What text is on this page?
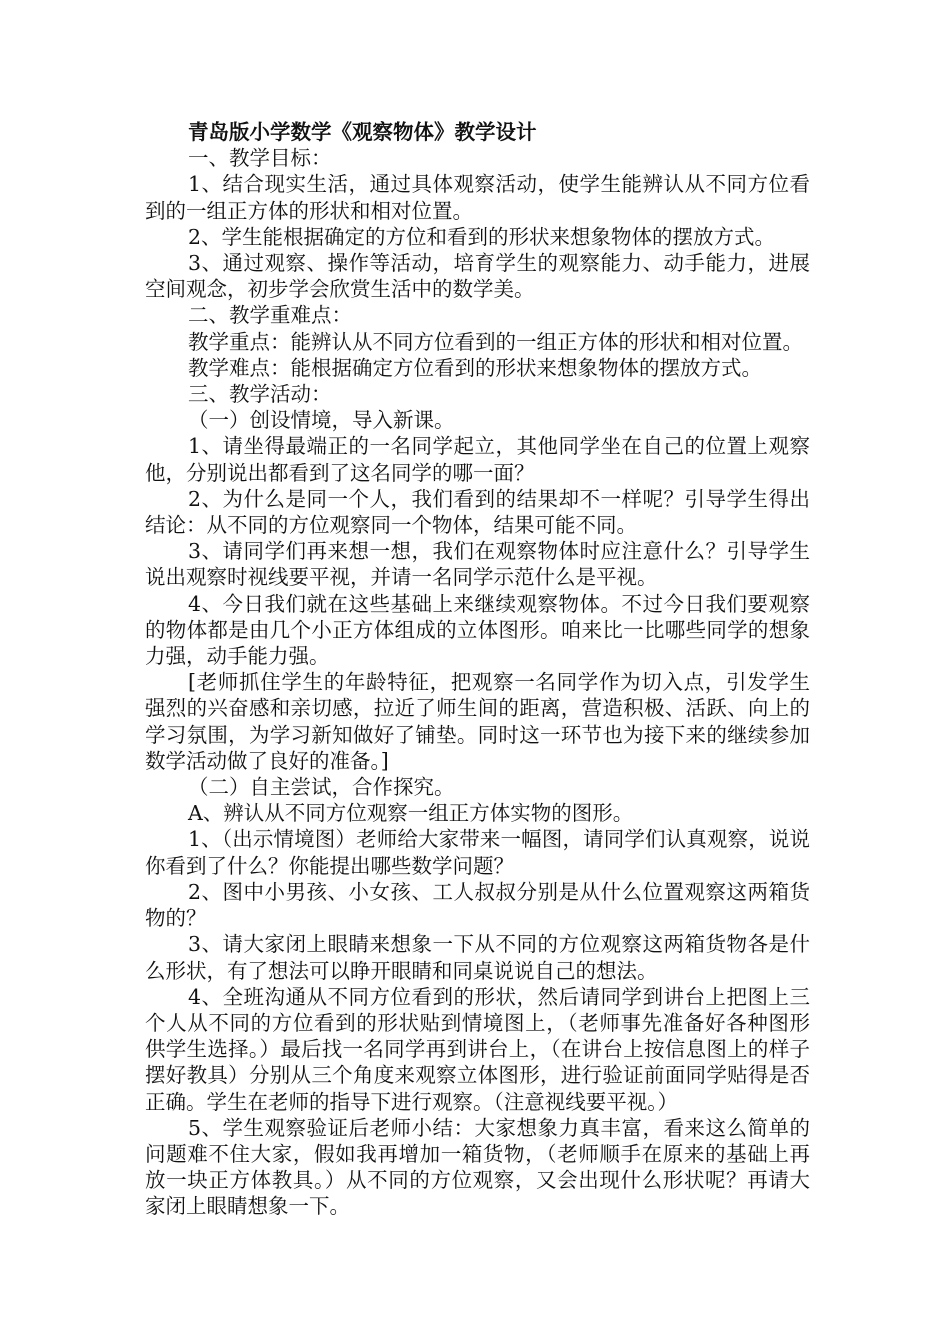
青岛版小学数学《观察物体》教学设计

一、教学目标：

1、结合现实生活，通过具体观察活动，使学生能辨认从不同方位看到的一组正方体的形状和相对位置。

2、学生能根据确定的方位和看到的形状来想象物体的摆放方式。

3、通过观察、操作等活动，培育学生的观察能力、动手能力，进展空间观念，初步学会欣赏生活中的数学美。

二、教学重难点：

教学重点：能辨认从不同方位看到的一组正方体的形状和相对位置。

教学难点：能根据确定方位看到的形状来想象物体的摆放方式。

三、教学活动：

（一）创设情境，导入新课。

1、请坐得最端正的一名同学起立，其他同学坐在自己的位置上观察他，分别说出都看到了这名同学的哪一面？

2、为什么是同一个人，我们看到的结果却不一样呢？引导学生得出结论：从不同的方位观察同一个物体，结果可能不同。

3、请同学们再来想一想，我们在观察物体时应注意什么？引导学生说出观察时视线要平视，并请一名同学示范什么是平视。

4、今日我们就在这些基础上来继续观察物体。不过今日我们要观察的物体都是由几个小正方体组成的立体图形。咱来比一比哪些同学的想象力强，动手能力强。

[老师抓住学生的年龄特征，把观察一名同学作为切入点，引发学生强烈的兴奋感和亲切感，拉近了师生间的距离，营造积极、活跃、向上的学习氛围，为学习新知做好了铺垫。同时这一环节也为接下来的继续参加数学活动做了良好的准备。]

（二）自主尝试，合作探究。

A、辨认从不同方位观察一组正方体实物的图形。

1、（出示情境图）老师给大家带来一幅图，请同学们认真观察，说说你看到了什么？你能提出哪些数学问题？

2、图中小男孩、小女孩、工人叔叔分别是从什么位置观察这两箱货物的？

3、请大家闭上眼睛来想象一下从不同的方位观察这两箱货物各是什么形状，有了想法可以睁开眼睛和同桌说说自己的想法。

4、全班沟通从不同方位看到的形状，然后请同学到讲台上把图上三个人从不同的方位看到的形状贴到情境图上，（老师事先准备好各种图形供学生选择。）最后找一名同学再到讲台上，（在讲台上按信息图上的样子摆好教具）分别从三个角度来观察立体图形，进行验证前面同学贴得是否正确。学生在老师的指导下进行观察。（注意视线要平视。）

5、学生观察验证后老师小结：大家想象力真丰富，看来这么简单的问题难不住大家，假如我再增加一箱货物，（老师顺手在原来的基础上再放一块正方体教具。）从不同的方位观察，又会出现什么形状呢？再请大家闭上眼睛想象一下。
